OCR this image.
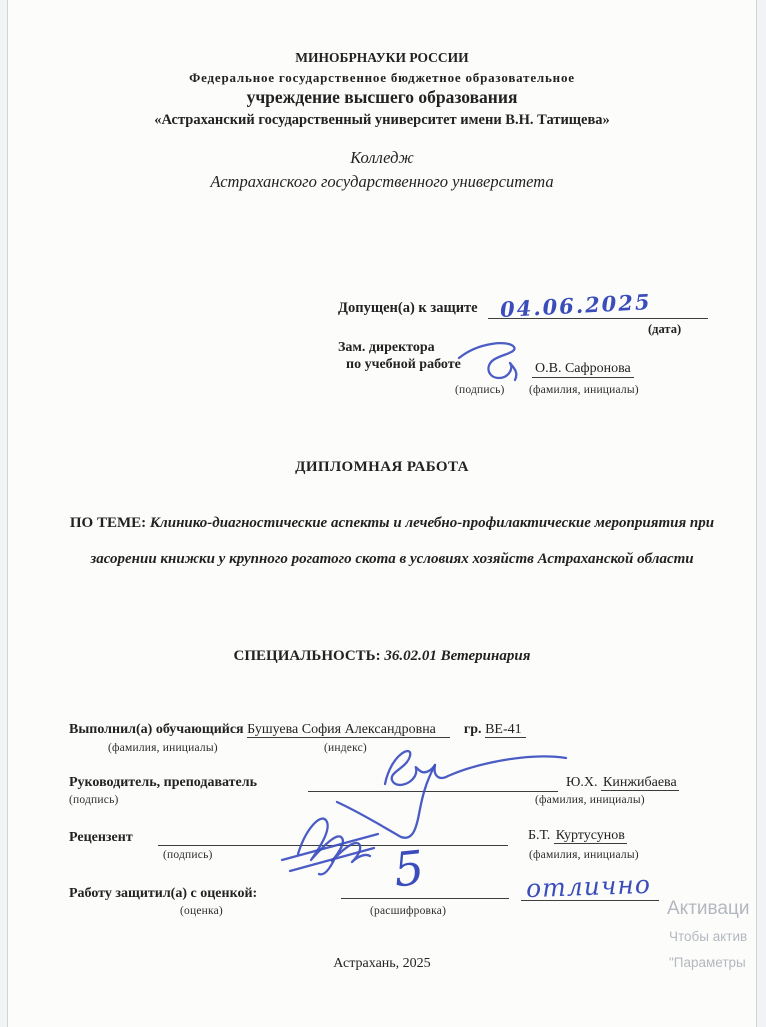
МИНОБРНАУКИ РОССИИ
Федеральное государственное бюджетное образовательное
учреждение высшего образования
«Астраханский государственный университет имени В.Н. Татищева»
Колледж
Астраханского государственного университета
Допущен(а) к защите 04.06.2025
(дата)
Зам. директора
по учебной работе
(подпись)
О.В. Сафронова
(фамилия, инициалы)
ДИПЛОМНАЯ РАБОТА
ПО ТЕМЕ: Клинико-диагностические аспекты и лечебно-профилактические мероприятия при засорении книжки у крупного рогатого скота в условиях хозяйств Астраханской области
СПЕЦИАЛЬНОСТЬ: 36.02.01 Ветеринария
Выполнил(а) обучающийся Бушуева София Александровна гр. ВЕ-41
(фамилия, инициалы)	(индекс)
Руководитель, преподаватель	Ю.Х. Кинжибаева
(подпись)	(фамилия, инициалы)
Рецензент	Б.Т. Куртусунов
(подпись)	(фамилия, инициалы)
Работу защитил(а) с оценкой:	5	отлично
(оценка)	(расшифровка)
Астрахань, 2025
Активаци
Чтобы актив
"Параметры
